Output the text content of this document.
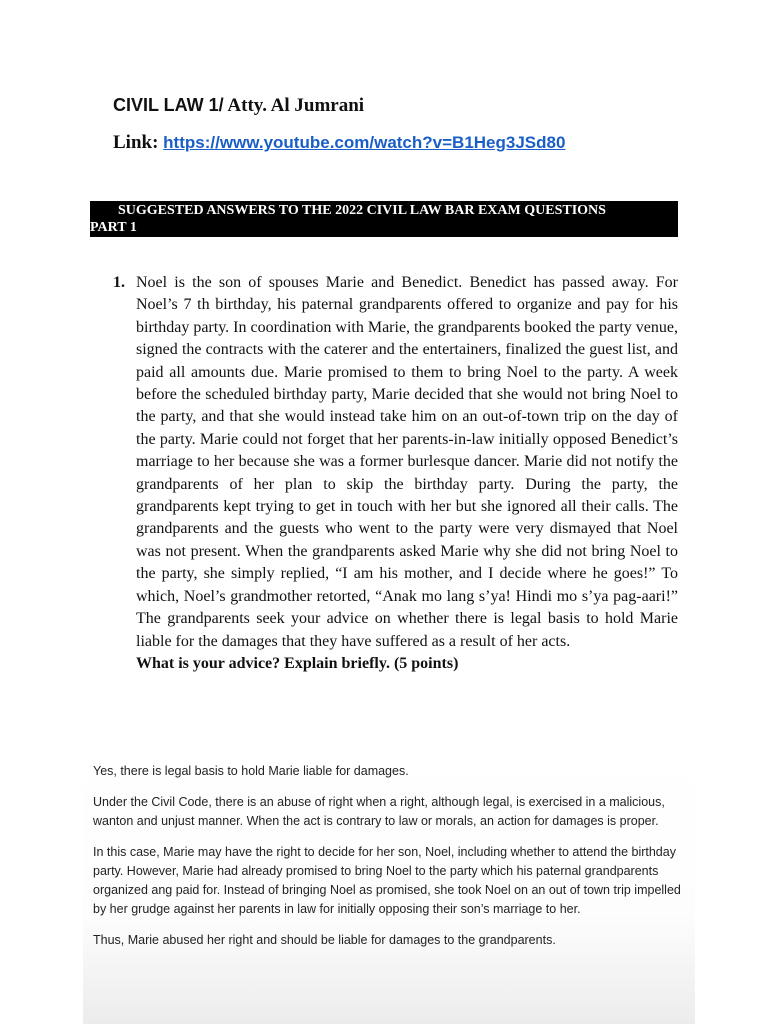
CIVIL LAW 1/ Atty. Al Jumrani
Link: https://www.youtube.com/watch?v=B1Heg3JSd80
SUGGESTED ANSWERS TO THE 2022 CIVIL LAW BAR EXAM QUESTIONS
PART 1
1. Noel is the son of spouses Marie and Benedict. Benedict has passed away. For Noel’s 7 th birthday, his paternal grandparents offered to organize and pay for his birthday party. In coordination with Marie, the grandparents booked the party venue, signed the contracts with the caterer and the entertainers, finalized the guest list, and paid all amounts due. Marie promised to them to bring Noel to the party. A week before the scheduled birthday party, Marie decided that she would not bring Noel to the party, and that she would instead take him on an out-of-town trip on the day of the party. Marie could not forget that her parents-in-law initially opposed Benedict’s marriage to her because she was a former burlesque dancer. Marie did not notify the grandparents of her plan to skip the birthday party. During the party, the grandparents kept trying to get in touch with her but she ignored all their calls. The grandparents and the guests who went to the party were very dismayed that Noel was not present. When the grandparents asked Marie why she did not bring Noel to the party, she simply replied, “I am his mother, and I decide where he goes!” To which, Noel’s grandmother retorted, “Anak mo lang s’ya! Hindi mo s’ya pag-aari!” The grandparents seek your advice on whether there is legal basis to hold Marie liable for the damages that they have suffered as a result of her acts.
What is your advice? Explain briefly. (5 points)

Yes, there is legal basis to hold Marie liable for damages.

Under the Civil Code, there is an abuse of right when a right, although legal, is exercised in a malicious, wanton and unjust manner. When the act is contrary to law or morals, an action for damages is proper.

In this case, Marie may have the right to decide for her son, Noel, including whether to attend the birthday party. However, Marie had already promised to bring Noel to the party which his paternal grandparents organized ang paid for. Instead of bringing Noel as promised, she took Noel on an out of town trip impelled by her grudge against her parents in law for initially opposing their son’s marriage to her.

Thus, Marie abused her right and should be liable for damages to the grandparents.
